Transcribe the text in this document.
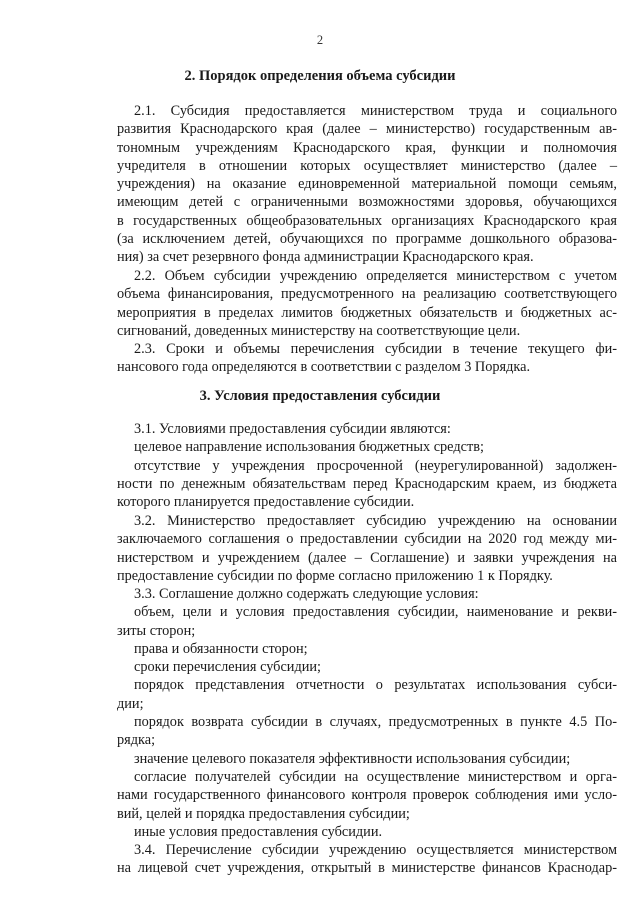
2
2. Порядок определения объема субсидии
2.1. Субсидия предоставляется министерством труда и социального
развития Краснодарского края (далее – министерство) государственным ав-
тономным учреждениям Краснодарского края, функции и полномочия
учредителя в отношении которых осуществляет министерство (далее –
учреждения) на оказание единовременной материальной помощи семьям,
имеющим детей с ограниченными возможностями здоровья, обучающихся
в государственных общеобразовательных организациях Краснодарского края
(за исключением детей, обучающихся по программе дошкольного образова-
ния) за счет резервного фонда администрации Краснодарского края.
2.2. Объем субсидии учреждению определяется министерством с учетом
объема финансирования, предусмотренного на реализацию соответствующего
мероприятия в пределах лимитов бюджетных обязательств и бюджетных ас-
сигнований, доведенных министерству на соответствующие цели.
2.3. Сроки и объемы перечисления субсидии в течение текущего фи-
нансового года определяются в соответствии с разделом 3 Порядка.
3. Условия предоставления субсидии
3.1. Условиями предоставления субсидии являются:
целевое направление использования бюджетных средств;
отсутствие у учреждения просроченной (неурегулированной) задолжен-
ности по денежным обязательствам перед Краснодарским краем, из бюджета
которого планируется предоставление субсидии.
3.2. Министерство предоставляет субсидию учреждению на основании
заключаемого соглашения о предоставлении субсидии на 2020 год между ми-
нистерством и учреждением (далее – Соглашение) и заявки учреждения на
предоставление субсидии по форме согласно приложению 1 к Порядку.
3.3. Соглашение должно содержать следующие условия:
объем, цели и условия предоставления субсидии, наименование и рекви-
зиты сторон;
права и обязанности сторон;
сроки перечисления субсидии;
порядок представления отчетности о результатах использования субси-
дии;
порядок возврата субсидии в случаях, предусмотренных в пункте 4.5 По-
рядка;
значение целевого показателя эффективности использования субсидии;
согласие получателей субсидии на осуществление министерством и орга-
нами государственного финансового контроля проверок соблюдения ими усло-
вий, целей и порядка предоставления субсидии;
иные условия предоставления субсидии.
3.4. Перечисление субсидии учреждению осуществляется министерством
на лицевой счет учреждения, открытый в министерстве финансов Краснодар-
